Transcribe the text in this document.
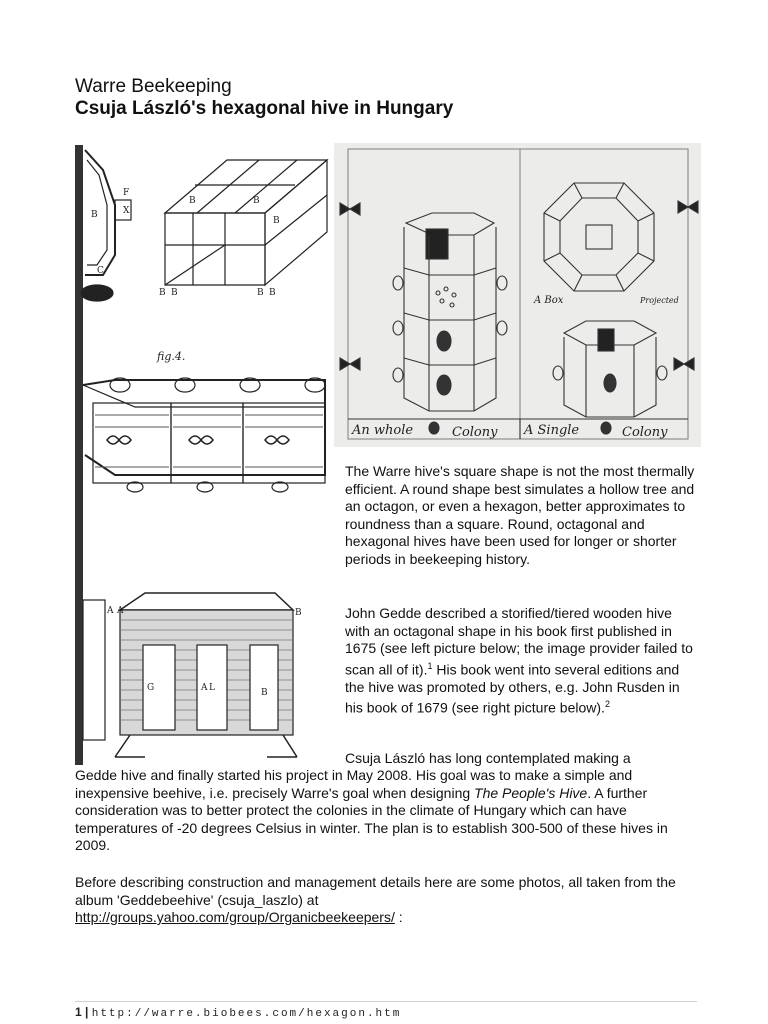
Warre Beekeeping
Csuja László's hexagonal hive in Hungary
F
X
B
C
B	B
B
B B	B B
A A	B
G	A L	B
fig.4.
An whole	Colony A Single	Colony
A Box	Projected
The Warre hive's square shape is not the most thermally efficient. A round shape best simulates a hollow tree and an octagon, or even a hexagon, better approximates to roundness than a square. Round, octagonal and hexagonal hives have been used for longer or shorter periods in beekeeping history.
John Gedde described a storified/tiered wooden hive with an octagonal shape in his book first published in 1675 (see left picture below; the image provider failed to scan all of it).$^1$ His book went into several editions and the hive was promoted by others, e.g. John Rusden in his book of 1679 (see right picture below).$^2$
Csuja László has long contemplated making a
Gedde hive and finally started his project in May 2008. His goal was to make a simple and inexpensive beehive, i.e. precisely Warre's goal when designing The People's Hive. A further consideration was to better protect the colonies in the climate of Hungary which can have temperatures of -20 degrees Celsius in winter. The plan is to establish 300-500 of these hives in 2009.
Before describing construction and management details here are some photos, all taken from the album 'Geddebeehive' (csuja_laszlo) at
http://groups.yahoo.com/group/Organicbeekeepers/ :
1 | http://warre.biobees.com/hexagon.htm
